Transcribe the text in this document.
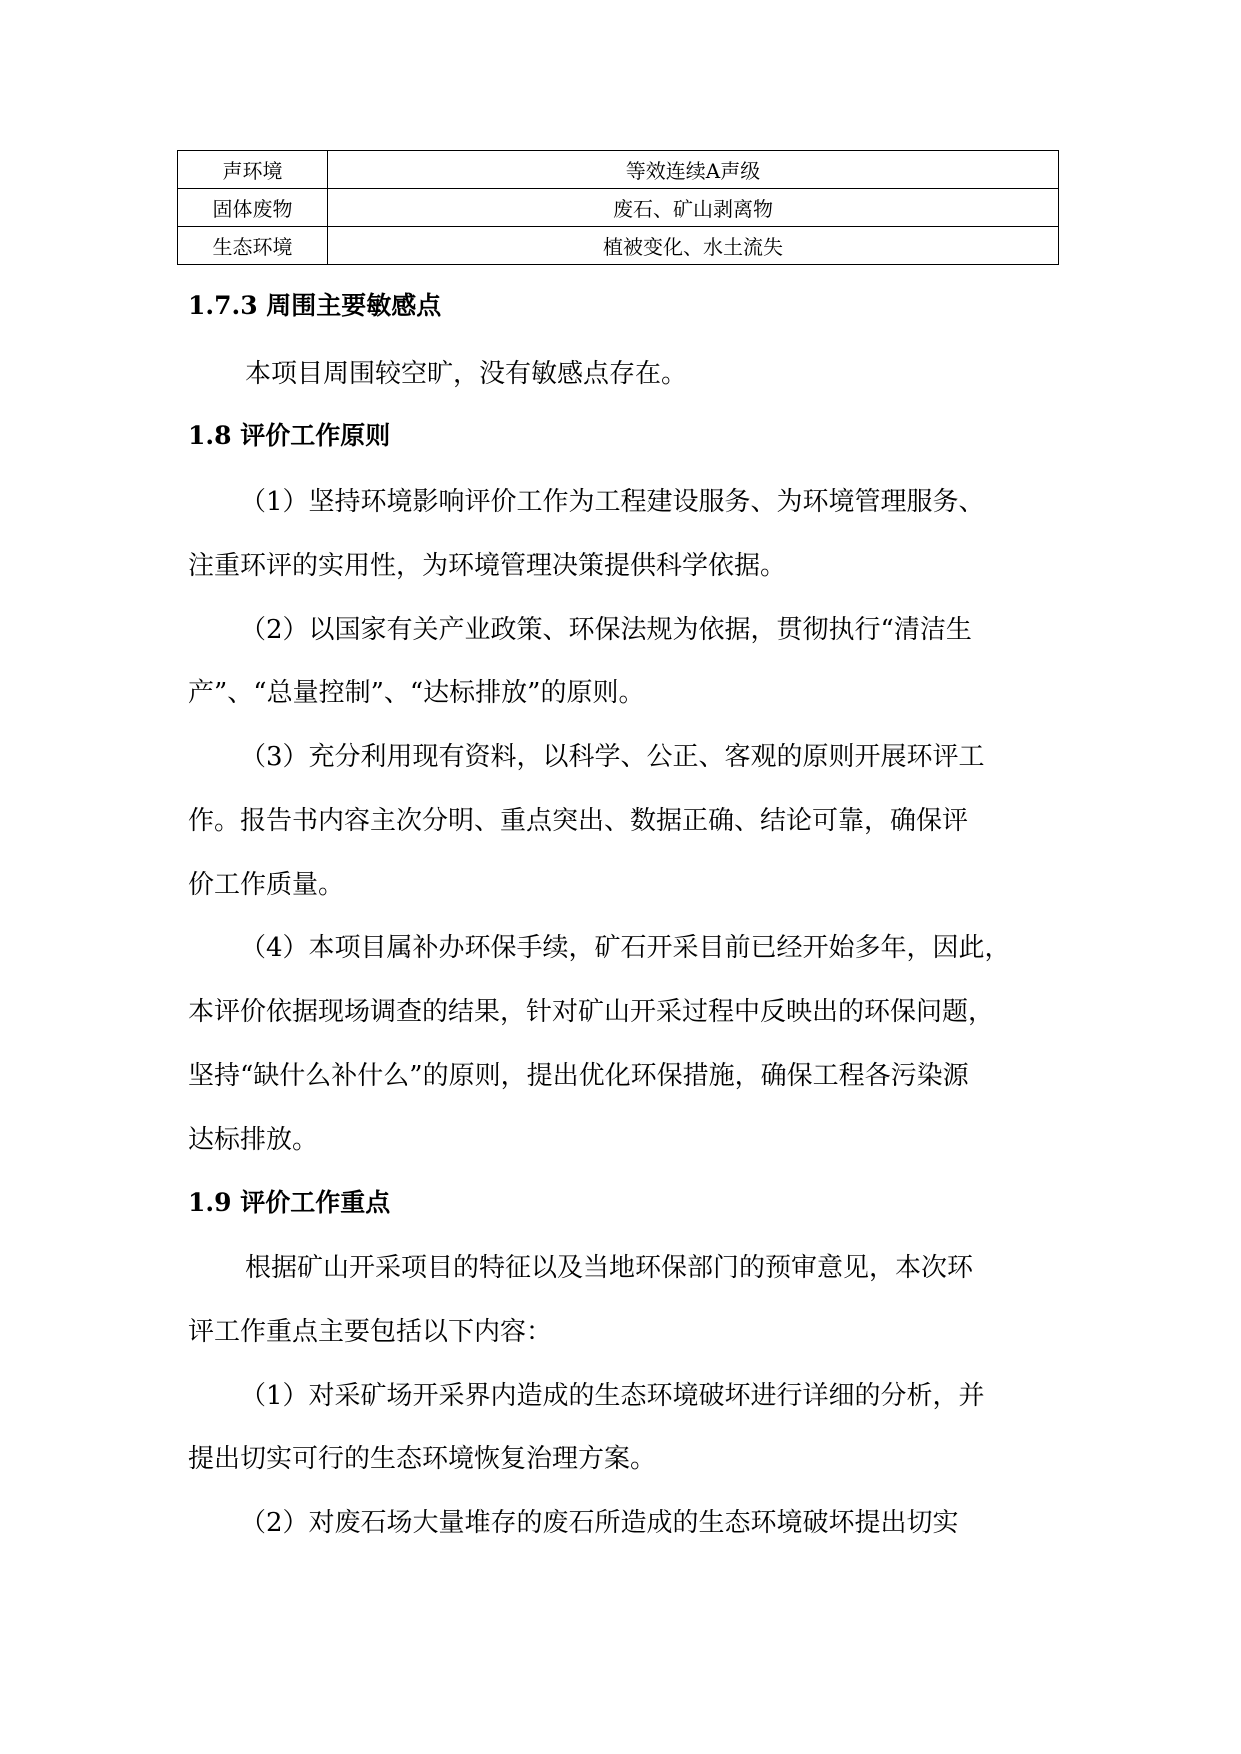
声环境	等效连续A声级
固体废物	废石、矿山剥离物
生态环境	植被变化、水土流失
1.7.3 周围主要敏感点
本项目周围较空旷，没有敏感点存在。
1.8 评价工作原则
（1）坚持环境影响评价工作为工程建设服务、为环境管理服务、
注重环评的实用性，为环境管理决策提供科学依据。
（2）以国家有关产业政策、环保法规为依据，贯彻执行“清洁生
产”、“总量控制”、“达标排放”的原则。
（3）充分利用现有资料，以科学、公正、客观的原则开展环评工
作。报告书内容主次分明、重点突出、数据正确、结论可靠，确保评
价工作质量。
（4）本项目属补办环保手续，矿石开采目前已经开始多年，因此，
本评价依据现场调查的结果，针对矿山开采过程中反映出的环保问题，
坚持“缺什么补什么”的原则，提出优化环保措施，确保工程各污染源
达标排放。
1.9 评价工作重点
根据矿山开采项目的特征以及当地环保部门的预审意见，本次环
评工作重点主要包括以下内容：
（1）对采矿场开采界内造成的生态环境破坏进行详细的分析，并
提出切实可行的生态环境恢复治理方案。
（2）对废石场大量堆存的废石所造成的生态环境破坏提出切实
